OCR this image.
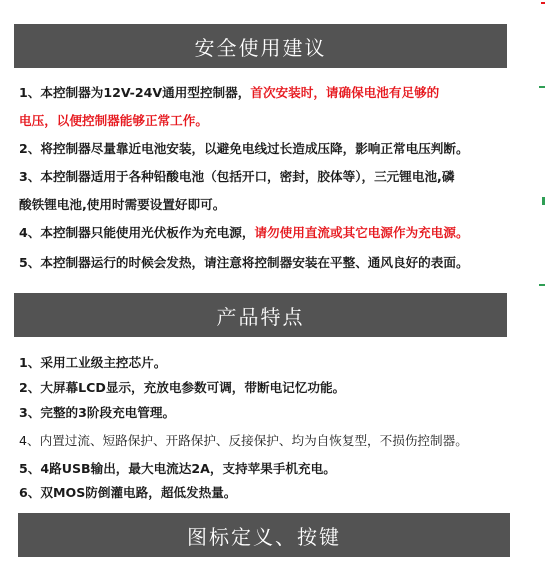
安全使用建议
产品特点
图标定义、按键
1、本控制器为12V-24V通用型控制器，首次安装时，请确保电池有足够的
电压，以便控制器能够正常工作。
2、将控制器尽量靠近电池安装，以避免电线过长造成压降，影响正常电压判断。
3、本控制器适用于各种铅酸电池（包括开口，密封，胶体等），三元锂电池,磷
酸铁锂电池,使用时需要设置好即可。
4、本控制器只能使用光伏板作为充电源，请勿使用直流或其它电源作为充电源。
5、本控制器运行的时候会发热，请注意将控制器安装在平整、通风良好的表面。
1、采用工业级主控芯片。
2、大屏幕LCD显示，充放电参数可调，带断电记忆功能。
3、完整的3阶段充电管理。
4、内置过流、短路保护、开路保护、反接保护、均为自恢复型，不损伤控制器。
5、4路USB输出，最大电流达2A，支持苹果手机充电。
6、双MOS防倒灌电路，超低发热量。
